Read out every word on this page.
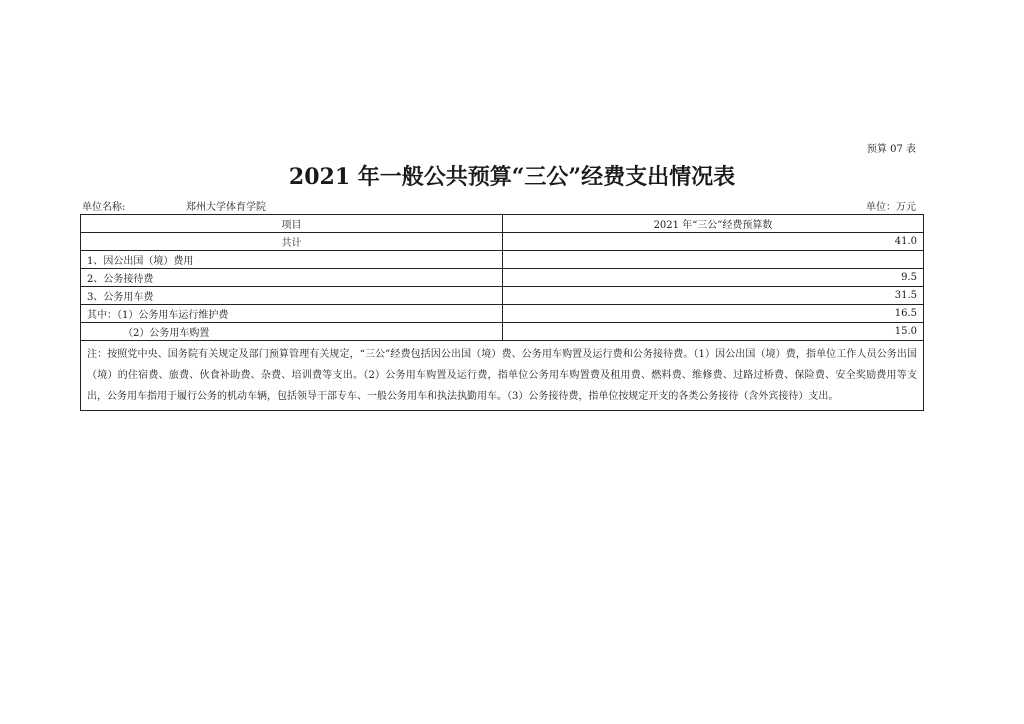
预算 07 表
2021 年一般公共预算“三公”经费支出情况表
单位名称:	郑州大学体育学院	单位：万元
项目	2021 年“三公”经费预算数
共计	41.0
1、因公出国（境）费用	
2、公务接待费	9.5
3、公务用车费	31.5
其中：（1）公务用车运行维护费	16.5
（2）公务用车购置	15.0
注：按照党中央、国务院有关规定及部门预算管理有关规定，“三公”经费包括因公出国（境）费、公务用车购置及运行费和公务接待费。（1）因公出国（境）费，指单位工作人员公务出国（境）的住宿费、旅费、伙食补助费、杂费、培训费等支出。（2）公务用车购置及运行费，指单位公务用车购置费及租用费、燃料费、维修费、过路过桥费、保险费、安全奖励费用等支出，公务用车指用于履行公务的机动车辆，包括领导干部专车、一般公务用车和执法执勤用车。（3）公务接待费，指单位按规定开支的各类公务接待（含外宾接待）支出。	
